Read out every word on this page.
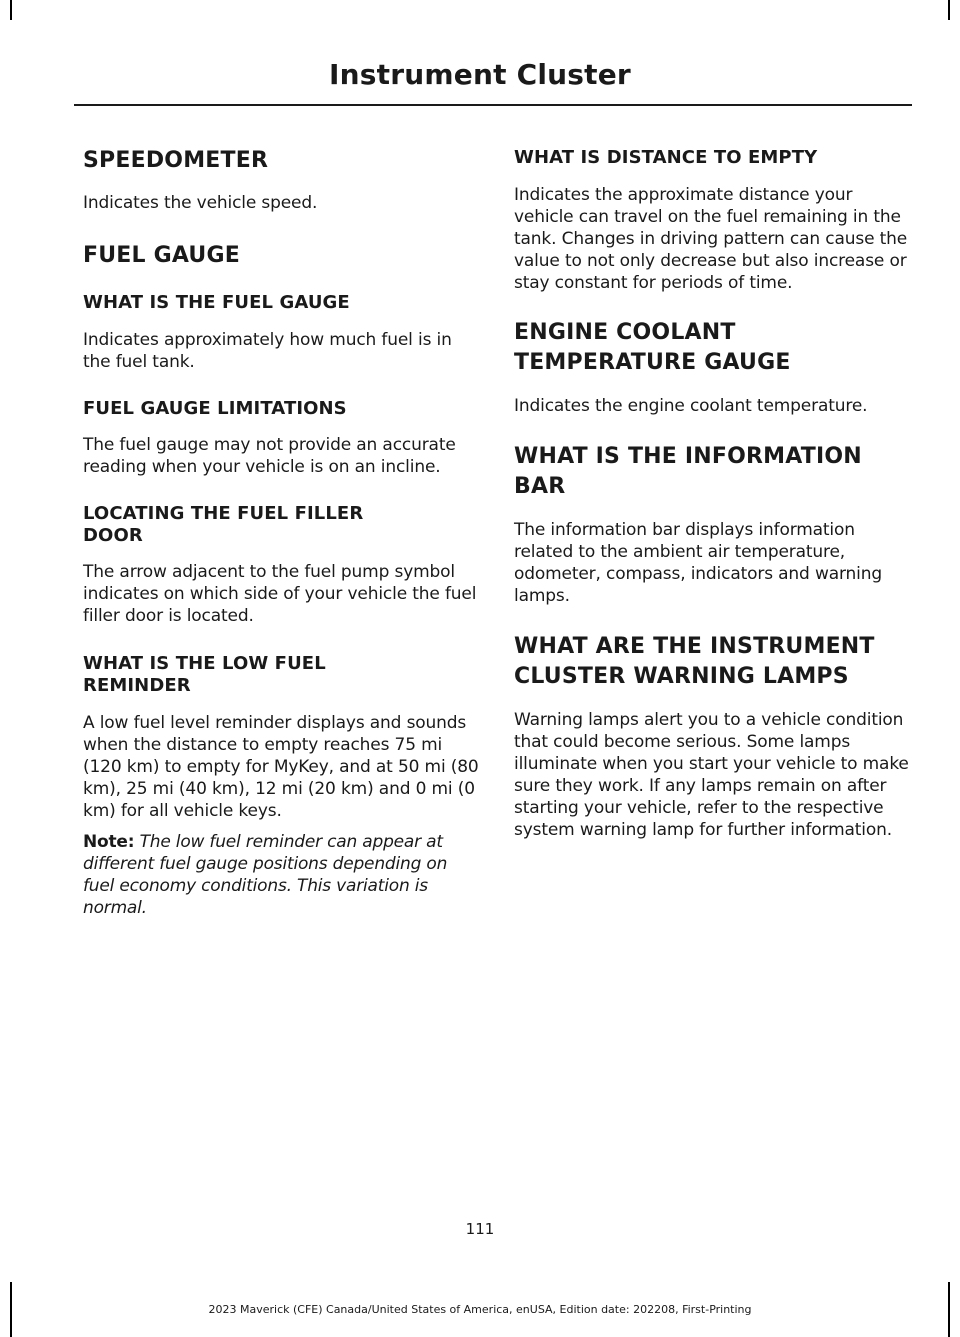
Instrument Cluster
SPEEDOMETER

Indicates the vehicle speed.

FUEL GAUGE
WHAT IS THE FUEL GAUGE

Indicates approximately how much fuel is in the fuel tank.

FUEL GAUGE LIMITATIONS

The fuel gauge may not provide an accurate reading when your vehicle is on an incline.

LOCATING THE FUEL FILLER
DOOR

The arrow adjacent to the fuel pump symbol indicates on which side of your vehicle the fuel filler door is located.

WHAT IS THE LOW FUEL
REMINDER

A low fuel level reminder displays and sounds when the distance to empty reaches 75 mi (120 km) to empty for MyKey, and at 50 mi (80 km), 25 mi (40 km), 12 mi (20 km) and 0 mi (0 km) for all vehicle keys.

Note: The low fuel reminder can appear at different fuel gauge positions depending on fuel economy conditions. This variation is normal.

WHAT IS DISTANCE TO EMPTY

Indicates the approximate distance your vehicle can travel on the fuel remaining in the tank. Changes in driving pattern can cause the value to not only decrease but also increase or stay constant for periods of time.

ENGINE COOLANT
TEMPERATURE GAUGE

Indicates the engine coolant temperature.

WHAT IS THE INFORMATION
BAR

The information bar displays information related to the ambient air temperature, odometer, compass, indicators and warning lamps.

WHAT ARE THE INSTRUMENT
CLUSTER WARNING LAMPS

Warning lamps alert you to a vehicle condition that could become serious. Some lamps illuminate when you start your vehicle to make sure they work. If any lamps remain on after starting your vehicle, refer to the respective system warning lamp for further information.

111
2023 Maverick (CFE) Canada/United States of America, enUSA, Edition date: 202208, First-Printing
